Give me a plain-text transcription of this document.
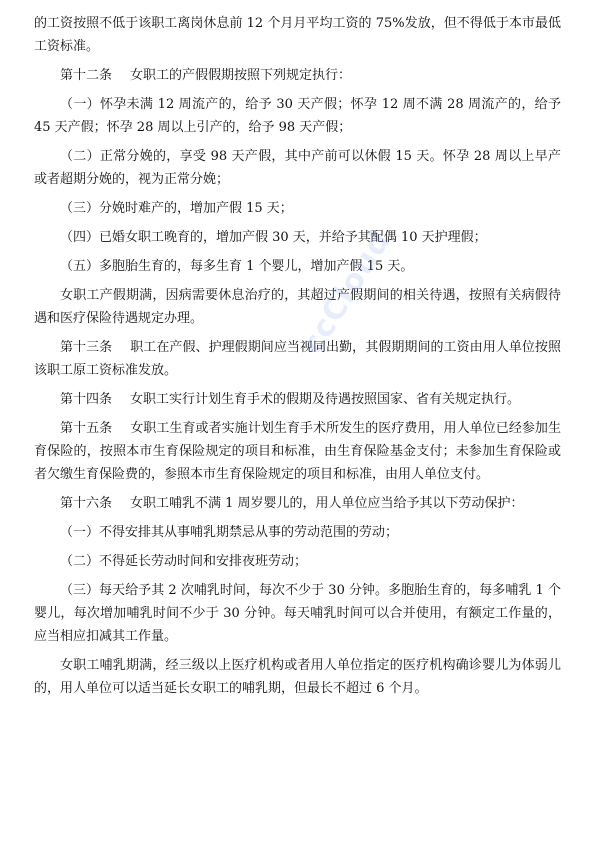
的工资按照不低于该职工离岗休息前 12 个月月平均工资的 75%发放，但不得低于本市最低工资标准。

第十二条 女职工的产假假期按照下列规定执行：

（一）怀孕未满 12 周流产的，给予 30 天产假；怀孕 12 周不满 28 周流产的，给予 45 天产假；怀孕 28 周以上引产的，给予 98 天产假；

（二）正常分娩的，享受 98 天产假，其中产前可以休假 15 天。怀孕 28 周以上早产或者超期分娩的，视为正常分娩；

（三）分娩时难产的，增加产假 15 天；

（四）已婚女职工晚育的，增加产假 30 天，并给予其配偶 10 天护理假；

（五）多胞胎生育的，每多生育 1 个婴儿，增加产假 15 天。

女职工产假期满，因病需要休息治疗的，其超过产假期间的相关待遇，按照有关病假待遇和医疗保险待遇规定办理。

第十三条 职工在产假、护理假期间应当视同出勤，其假期期间的工资由用人单位按照该职工原工资标准发放。

第十四条 女职工实行计划生育手术的假期及待遇按照国家、省有关规定执行。

第十五条 女职工生育或者实施计划生育手术所发生的医疗费用，用人单位已经参加生育保险的，按照本市生育保险规定的项目和标准，由生育保险基金支付；未参加生育保险或者欠缴生育保险费的，参照本市生育保险规定的项目和标准，由用人单位支付。

第十六条 女职工哺乳不满 1 周岁婴儿的，用人单位应当给予其以下劳动保护：

（一）不得安排其从事哺乳期禁忌从事的劳动范围的劳动；

（二）不得延长劳动时间和安排夜班劳动；

（三）每天给予其 2 次哺乳时间，每次不少于 30 分钟。多胞胎生育的，每多哺乳 1 个婴儿，每次增加哺乳时间不少于 30 分钟。每天哺乳时间可以合并使用，有额定工作量的，应当相应扣减其工作量。

女职工哺乳期满，经三级以上医疗机构或者用人单位指定的医疗机构确诊婴儿为体弱儿的，用人单位可以适当延长女职工的哺乳期，但最长不超过 6 个月。

ccCloud
